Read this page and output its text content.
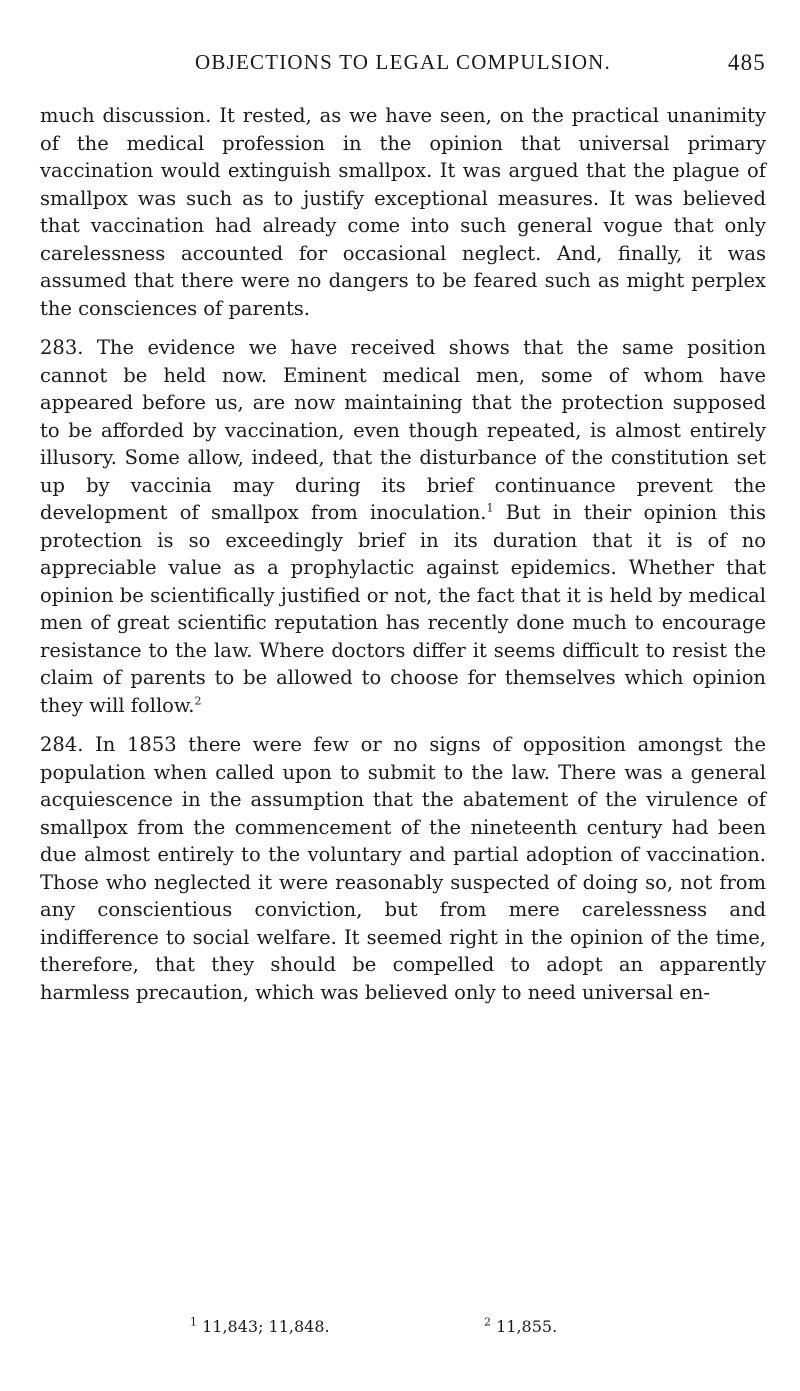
OBJECTIONS TO LEGAL COMPULSION.	485

much discussion. It rested, as we have seen, on the practical unanimity of the medical profession in the opinion that universal primary vaccination would extinguish smallpox. It was argued that the plague of smallpox was such as to justify exceptional measures. It was believed that vaccination had already come into such general vogue that only carelessness accounted for occasional neglect. And, finally, it was assumed that there were no dangers to be feared such as might perplex the consciences of parents.

283. The evidence we have received shows that the same position cannot be held now. Eminent medical men, some of whom have appeared before us, are now maintaining that the protection supposed to be afforded by vaccination, even though repeated, is almost entirely illusory. Some allow, indeed, that the disturbance of the constitution set up by vaccinia may during its brief continuance prevent the development of smallpox from inoculation.$^1$ But in their opinion this protection is so exceedingly brief in its duration that it is of no appreciable value as a prophylactic against epidemics. Whether that opinion be scientifically justified or not, the fact that it is held by medical men of great scientific reputation has recently done much to encourage resistance to the law. Where doctors differ it seems difficult to resist the claim of parents to be allowed to choose for themselves which opinion they will follow.$^2$

284. In 1853 there were few or no signs of opposition amongst the population when called upon to submit to the law. There was a general acquiescence in the assumption that the abatement of the virulence of smallpox from the commencement of the nineteenth century had been due almost entirely to the voluntary and partial adoption of vaccination. Those who neglected it were reasonably suspected of doing so, not from any conscientious conviction, but from mere carelessness and indifference to social welfare. It seemed right in the opinion of the time, therefore, that they should be compelled to adopt an apparently harmless precaution, which was believed only to need universal en-

$^1$ 11,843; 11,848.	$^2$ 11,855.
